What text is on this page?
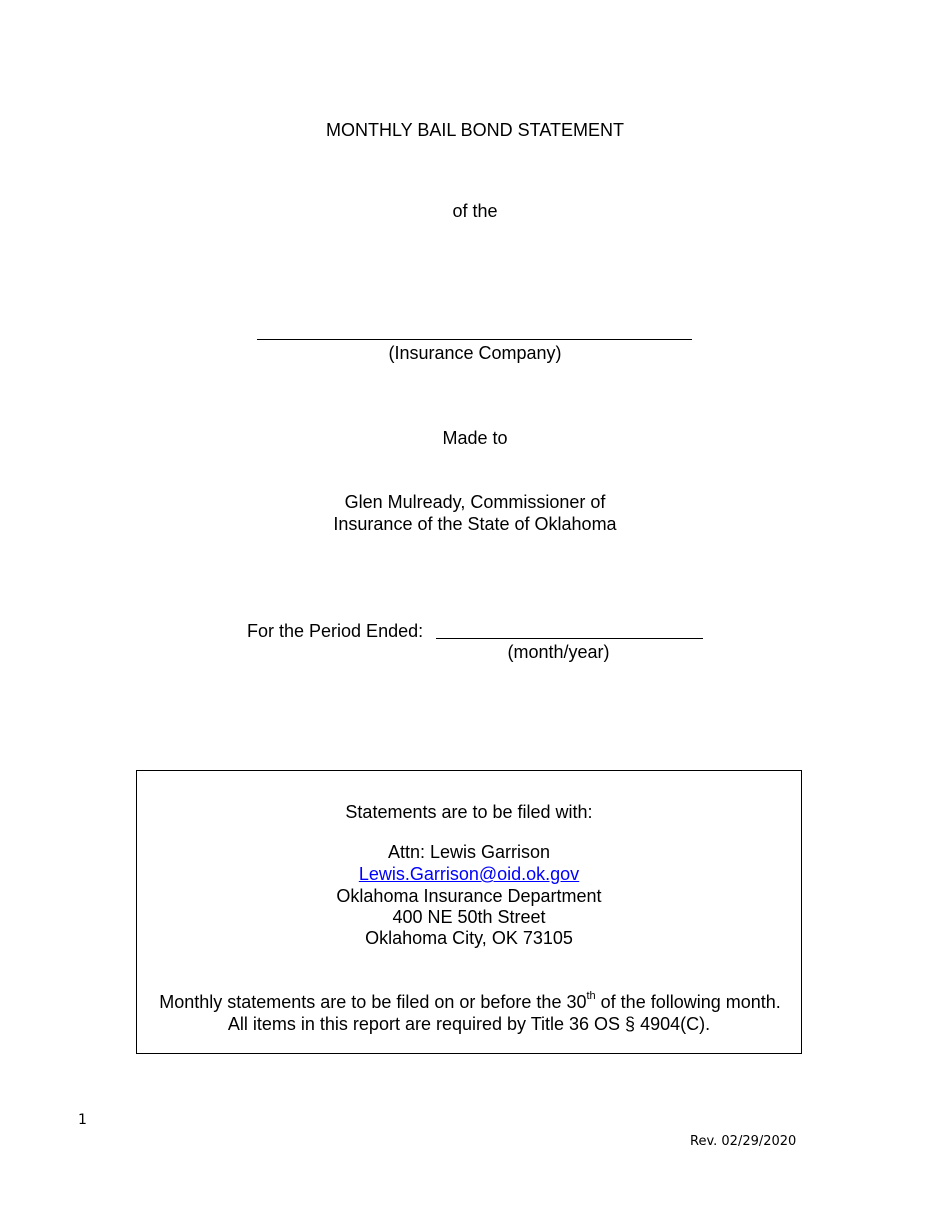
MONTHLY BAIL BOND STATEMENT
of the
(Insurance Company)
Made to
Glen Mulready, Commissioner of
Insurance of the State of Oklahoma
For the Period Ended:
(month/year)
Statements are to be filed with:
Attn: Lewis Garrison
Lewis.Garrison@oid.ok.gov
Oklahoma Insurance Department
400 NE 50th Street
Oklahoma City, OK 73105
Monthly statements are to be filed on or before the 30th of the following month.
All items in this report are required by Title 36 OS § 4904(C).
1
Rev. 02/29/2020
